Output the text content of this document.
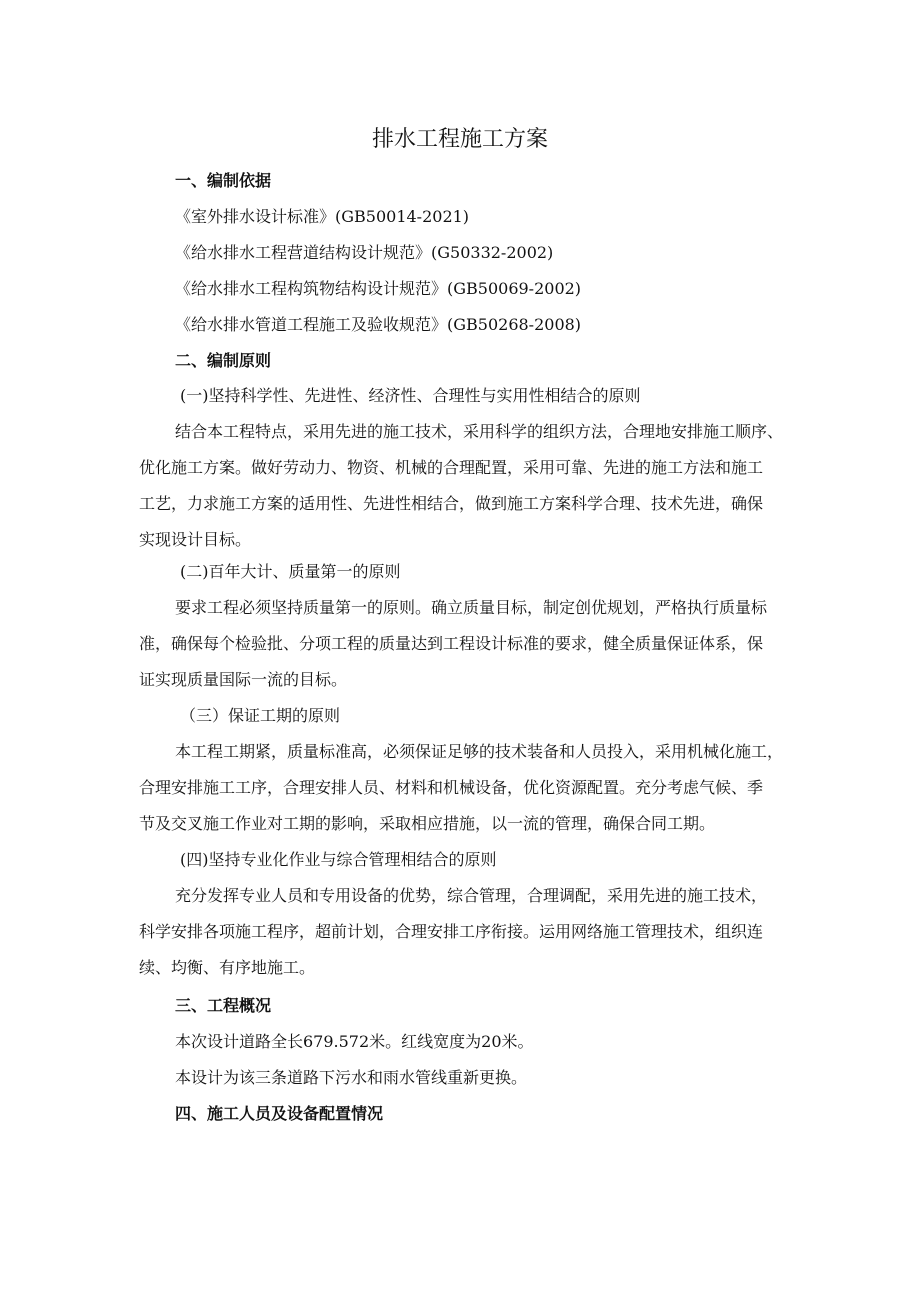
排水工程施工方案
一、编制依据
《室外排水设计标准》(GB50014-2021)
《给水排水工程营道结构设计规范》(G50332-2002)
《给水排水工程构筑物结构设计规范》(GB50069-2002)
《给水排水管道工程施工及验收规范》(GB50268-2008)
二、编制原则
(一)坚持科学性、先进性、经济性、合理性与实用性相结合的原则
结合本工程特点，采用先进的施工技术，采用科学的组织方法，合理地安排施工顺序、
优化施工方案。做好劳动力、物资、机械的合理配置，采用可靠、先进的施工方法和施工
工艺，力求施工方案的适用性、先进性相结合，做到施工方案科学合理、技术先进，确保
实现设计目标。
(二)百年大计、质量第一的原则
要求工程必须坚持质量第一的原则。确立质量目标，制定创优规划，严格执行质量标
准，确保每个检验批、分项工程的质量达到工程设计标准的要求，健全质量保证体系，保
证实现质量国际一流的目标。
（三）保证工期的原则
本工程工期紧，质量标准高，必须保证足够的技术装备和人员投入，采用机械化施工，
合理安排施工工序，合理安排人员、材料和机械设备，优化资源配置。充分考虑气候、季
节及交叉施工作业对工期的影响，采取相应措施，以一流的管理，确保合同工期。
(四)坚持专业化作业与综合管理相结合的原则
充分发挥专业人员和专用设备的优势，综合管理，合理调配，采用先进的施工技术，
科学安排各项施工程序，超前计划，合理安排工序衔接。运用网络施工管理技术，组织连
续、均衡、有序地施工。
三、工程概况
本次设计道路全长679.572米。红线宽度为20米。
本设计为该三条道路下污水和雨水管线重新更换。
四、施工人员及设备配置情况
